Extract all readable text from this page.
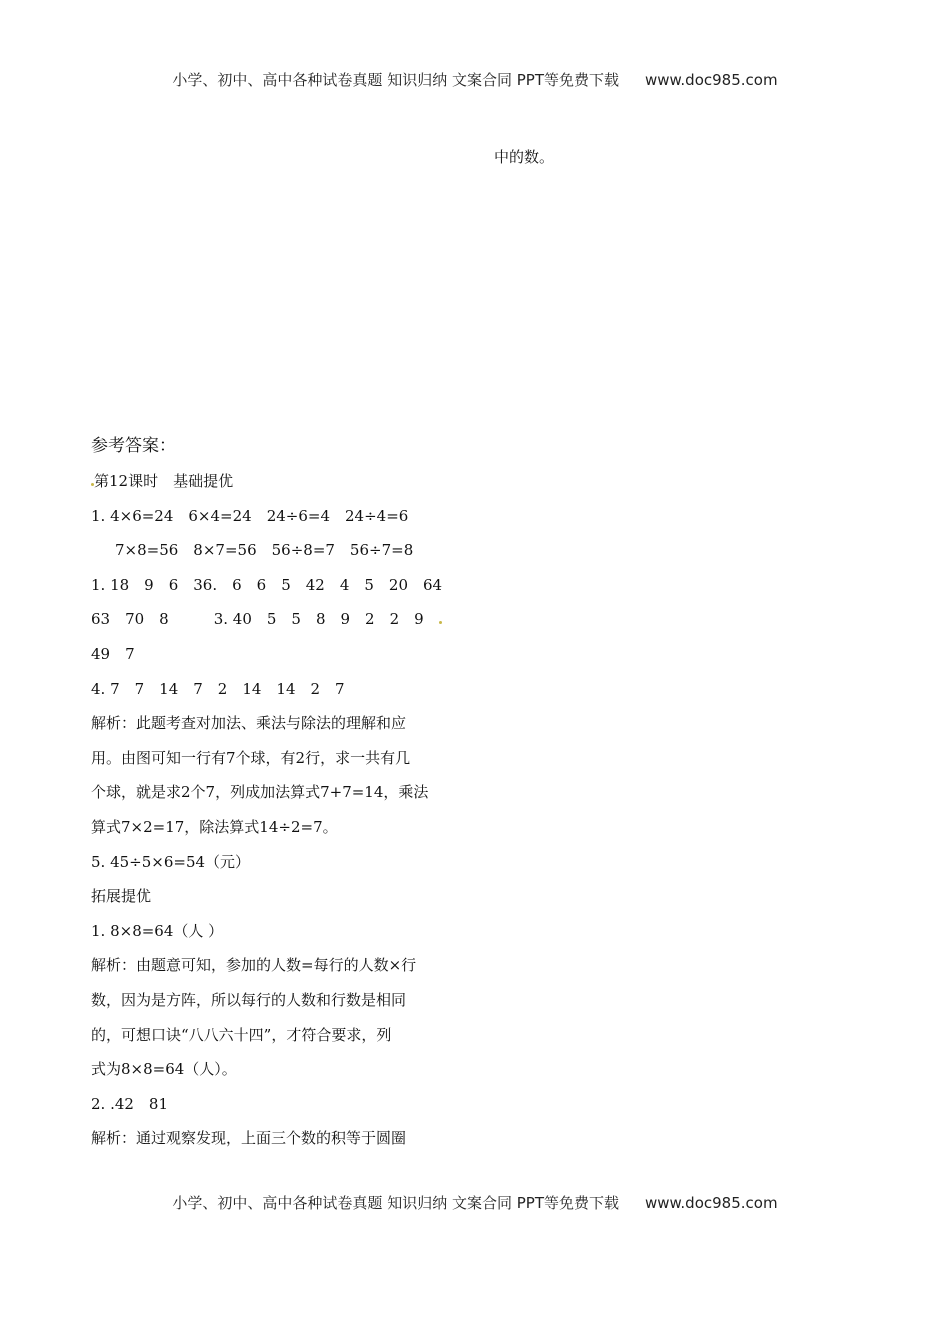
小学、初中、高中各种试卷真题 知识归纳 文案合同 PPT等免费下载 www.doc985.com
中的数。
参考答案：
第12课时　基础提优
1. 4×6=24　6×4=24　24÷6=4　24÷4=6
7×8=56　8×7=56　56÷8=7　56÷7=8
1. 18　9　6　36.　6　6　5　42　4　5　20　64
63　70　8　　　3. 40　5　5　8　9　2　2　9　
49　7
4. 7　7　14　7　2　14　14　2　7
解析：此题考查对加法、乘法与除法的理解和应
用。由图可知一行有7个球，有2行，求一共有几
个球，就是求2个7，列成加法算式7+7=14，乘法
算式7×2=17，除法算式14÷2=7。
5. 45÷5×6=54（元）
拓展提优
1. 8×8=64（人 ）
解析：由题意可知，参加的人数=每行的人数×行
数，因为是方阵，所以每行的人数和行数是相同
的，可想口诀“八八六十四”，才符合要求，列
式为8×8=64（人）。
2. .42　81
解析：通过观察发现，上面三个数的积等于圆圈
小学、初中、高中各种试卷真题 知识归纳 文案合同 PPT等免费下载 www.doc985.com
